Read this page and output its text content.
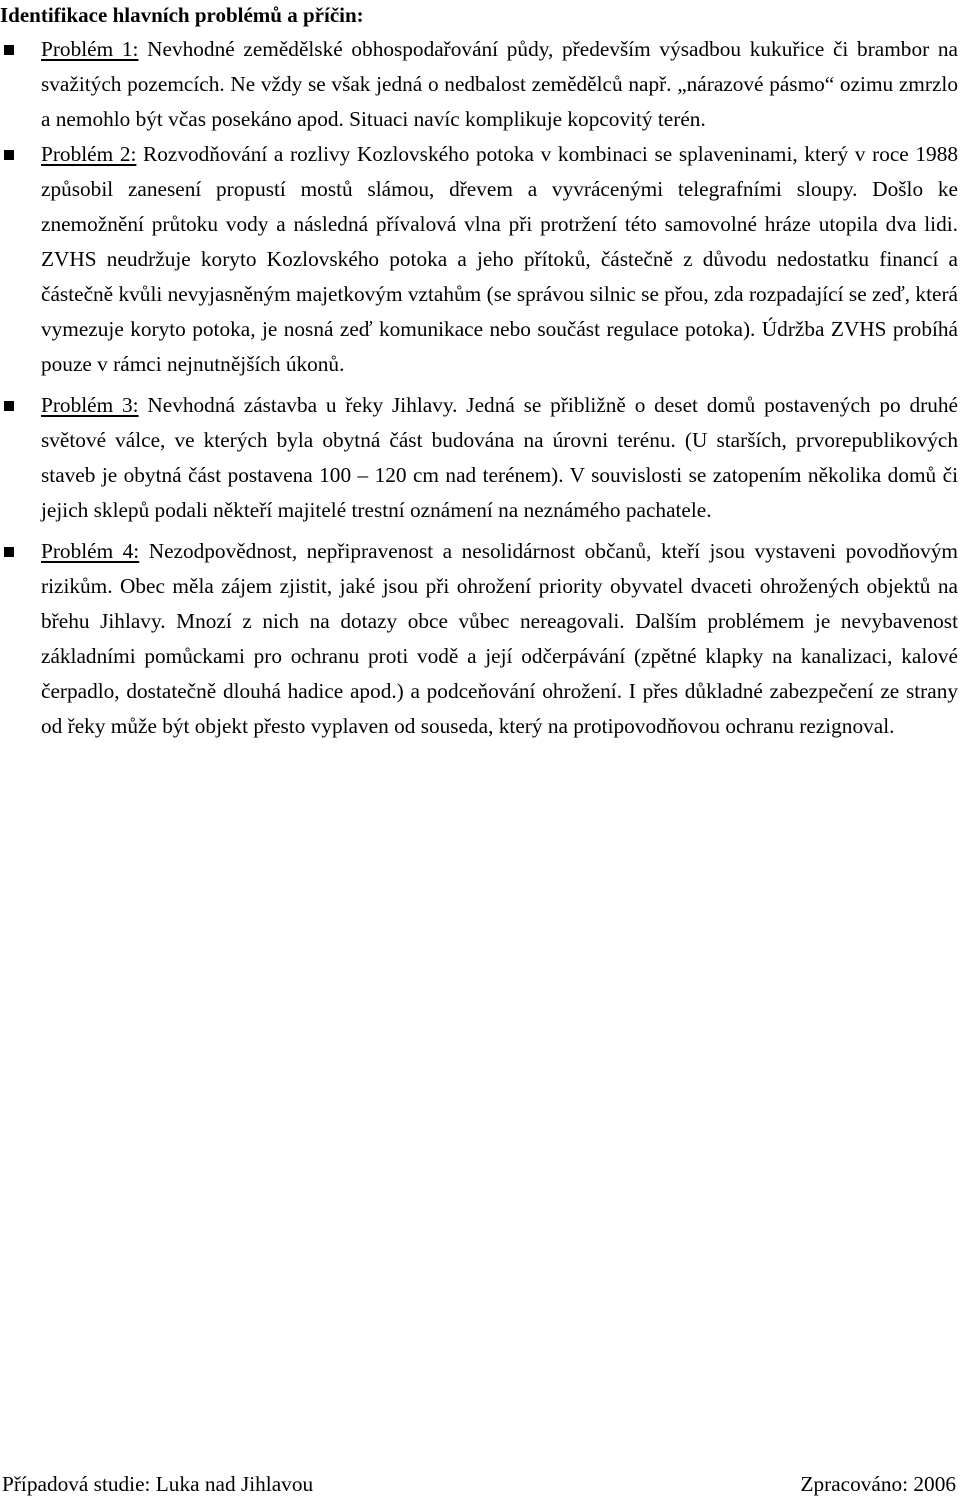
Identifikace hlavních problémů a příčin:
Problém 1: Nevhodné zemědělské obhospodařování půdy, především výsadbou kukuřice či brambor na svažitých pozemcích. Ne vždy se však jedná o nedbalost zemědělců např. „nárazové pásmo“ ozimu zmrzlo a nemohlo být včas posekáno apod. Situaci navíc komplikuje kopcovitý terén.
Problém 2: Rozvodňování a rozlivy Kozlovského potoka v kombinaci se splaveninami, který v roce 1988 způsobil zanesení propustí mostů slámou, dřevem a vyvrácenými telegrafními sloupy. Došlo ke znemožnění průtoku vody a následná přívalová vlna při protržení této samovolné hráze utopila dva lidi. ZVHS neudržuje koryto Kozlovského potoka a jeho přítoků, částečně z důvodu nedostatku financí a částečně kvůli nevyjasněným majetkovým vztahům (se správou silnic se přou, zda rozpadající se zeď, která vymezuje koryto potoka, je nosná zeď komunikace nebo součást regulace potoka). Údržba ZVHS probíhá pouze v rámci nejnutnějších úkonů.
Problém 3: Nevhodná zástavba u řeky Jihlavy. Jedná se přibližně o deset domů postavených po druhé světové válce, ve kterých byla obytná část budována na úrovni terénu. (U starších, prvorepublikových staveb je obytná část postavena 100 – 120 cm nad terénem). V souvislosti se zatopením několika domů či jejich sklepů podali někteří majitelé trestní oznámení na neznámého pachatele.
Problém 4: Nezodpovědnost, nepřipravenost a nesolidárnost občanů, kteří jsou vystaveni povodňovým rizikům. Obec měla zájem zjistit, jaké jsou při ohrožení priority obyvatel dvaceti ohrožených objektů na břehu Jihlavy. Mnozí z nich na dotazy obce vůbec nereagovali. Dalším problémem je nevybavenost základními pomůckami pro ochranu proti vodě a její odčerpávání (zpětné klapky na kanalizaci, kalové čerpadlo, dostatečně dlouhá hadice apod.) a podceňování ohrožení. I přes důkladné zabezpečení ze strany od řeky může být objekt přesto vyplaven od souseda, který na protipovodňovou ochranu rezignoval.
Případová studie: Luka nad Jihlavou	Zpracováno: 2006
